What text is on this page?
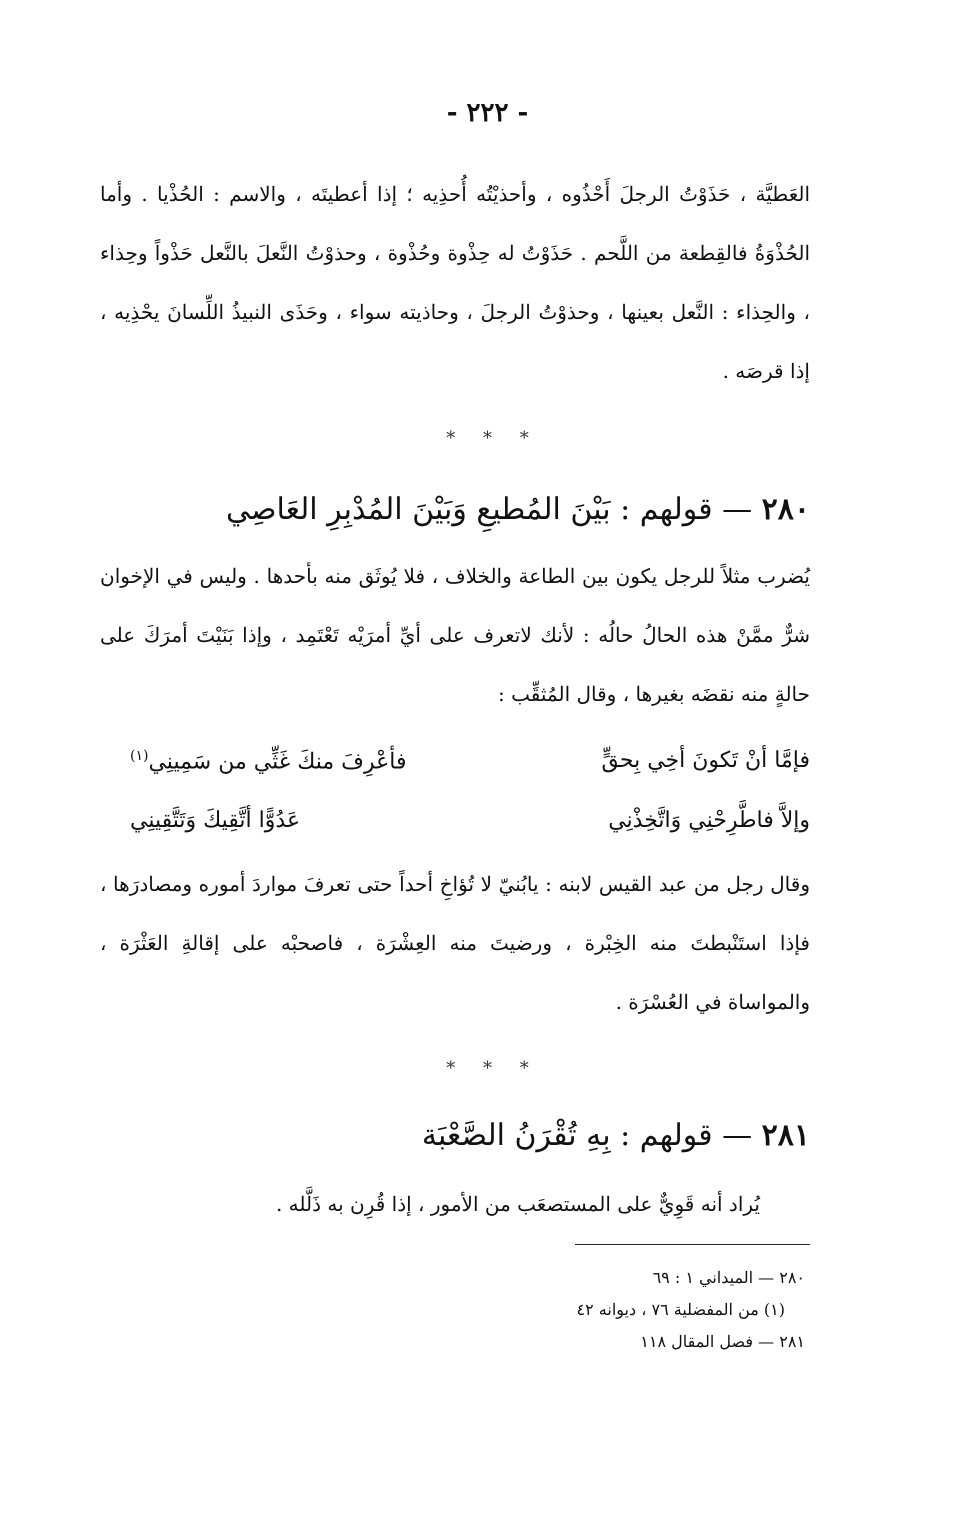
- ٢٢٢ -

العَطيَّة ، حَذَوْتُ الرجلَ أَحْذُوه ، وأحذيْتُه أُحذِيه ؛ إذا أعطيتَه ، والاسم : الحُذْيا . وأما الحُذْوَةُ فالقِطعة من اللَّحم . حَذَوْتُ له حِذْوة وحُذْوة ، وحذوْتُ النَّعلَ بالنَّعل حَذْواً وحِذاء ، والحِذاء : النَّعل بعينها ، وحذوْتُ الرجلَ ، وحاذيته سواء ، وحَذَى النبيذُ اللِّسانَ يحْذِيه ، إذا قرصَه .

* * *
٢٨٠ — قولهم : بَيْنَ المُطيعِ وَبَيْنَ المُدْبِرِ العَاصِي

يُضرب مثلاً للرجل يكون بين الطاعة والخلاف ، فلا يُوثَق منه بأحدها . وليس في الإخوان شرٌّ ممَّنْ هذه الحالُ حالُه : لأنك لاتعرف على أيِّ أمرَيْه تَعْتَمِد ، وإذا بَنَيْتَ أمرَكَ على حالةٍ منه نقضَه بغيرها ، وقال المُثقِّب :

فإمَّا أنْ تَكونَ أخِي بِحقٍّ
فأعْرِفَ منكَ غَثِّي من سَمِينِي$^{(١)}$
وإلاَّ فاطَّرِحْنِي وَاتَّخِذْنِي
عَدُوًّا أتَّقِيكَ وَتَتَّقِينِي

وقال رجل من عبد القيس لابنه : يابُنيّ لا تُؤاخِ أحداً حتى تعرفَ مواردَ أموره ومصادرَها ، فإذا استَنْبطتَ منه الخِبْرة ، ورضيتَ منه العِشْرَة ، فاصحبْه على إقالةِ العَثْرَة ، والمواساة في العُسْرَة .

* * *
٢٨١ — قولهم : بِهِ تُقْرَنُ الصَّعْبَة

يُراد أنه قَوِيٌّ على المستصعَب من الأمور ، إذا قُرِن به ذَلَّله .

٢٨٠ — الميداني ١ : ٦٩
(١) من المفضلية ٧٦ ، ديوانه ٤٢
٢٨١ — فصل المقال ١١٨
